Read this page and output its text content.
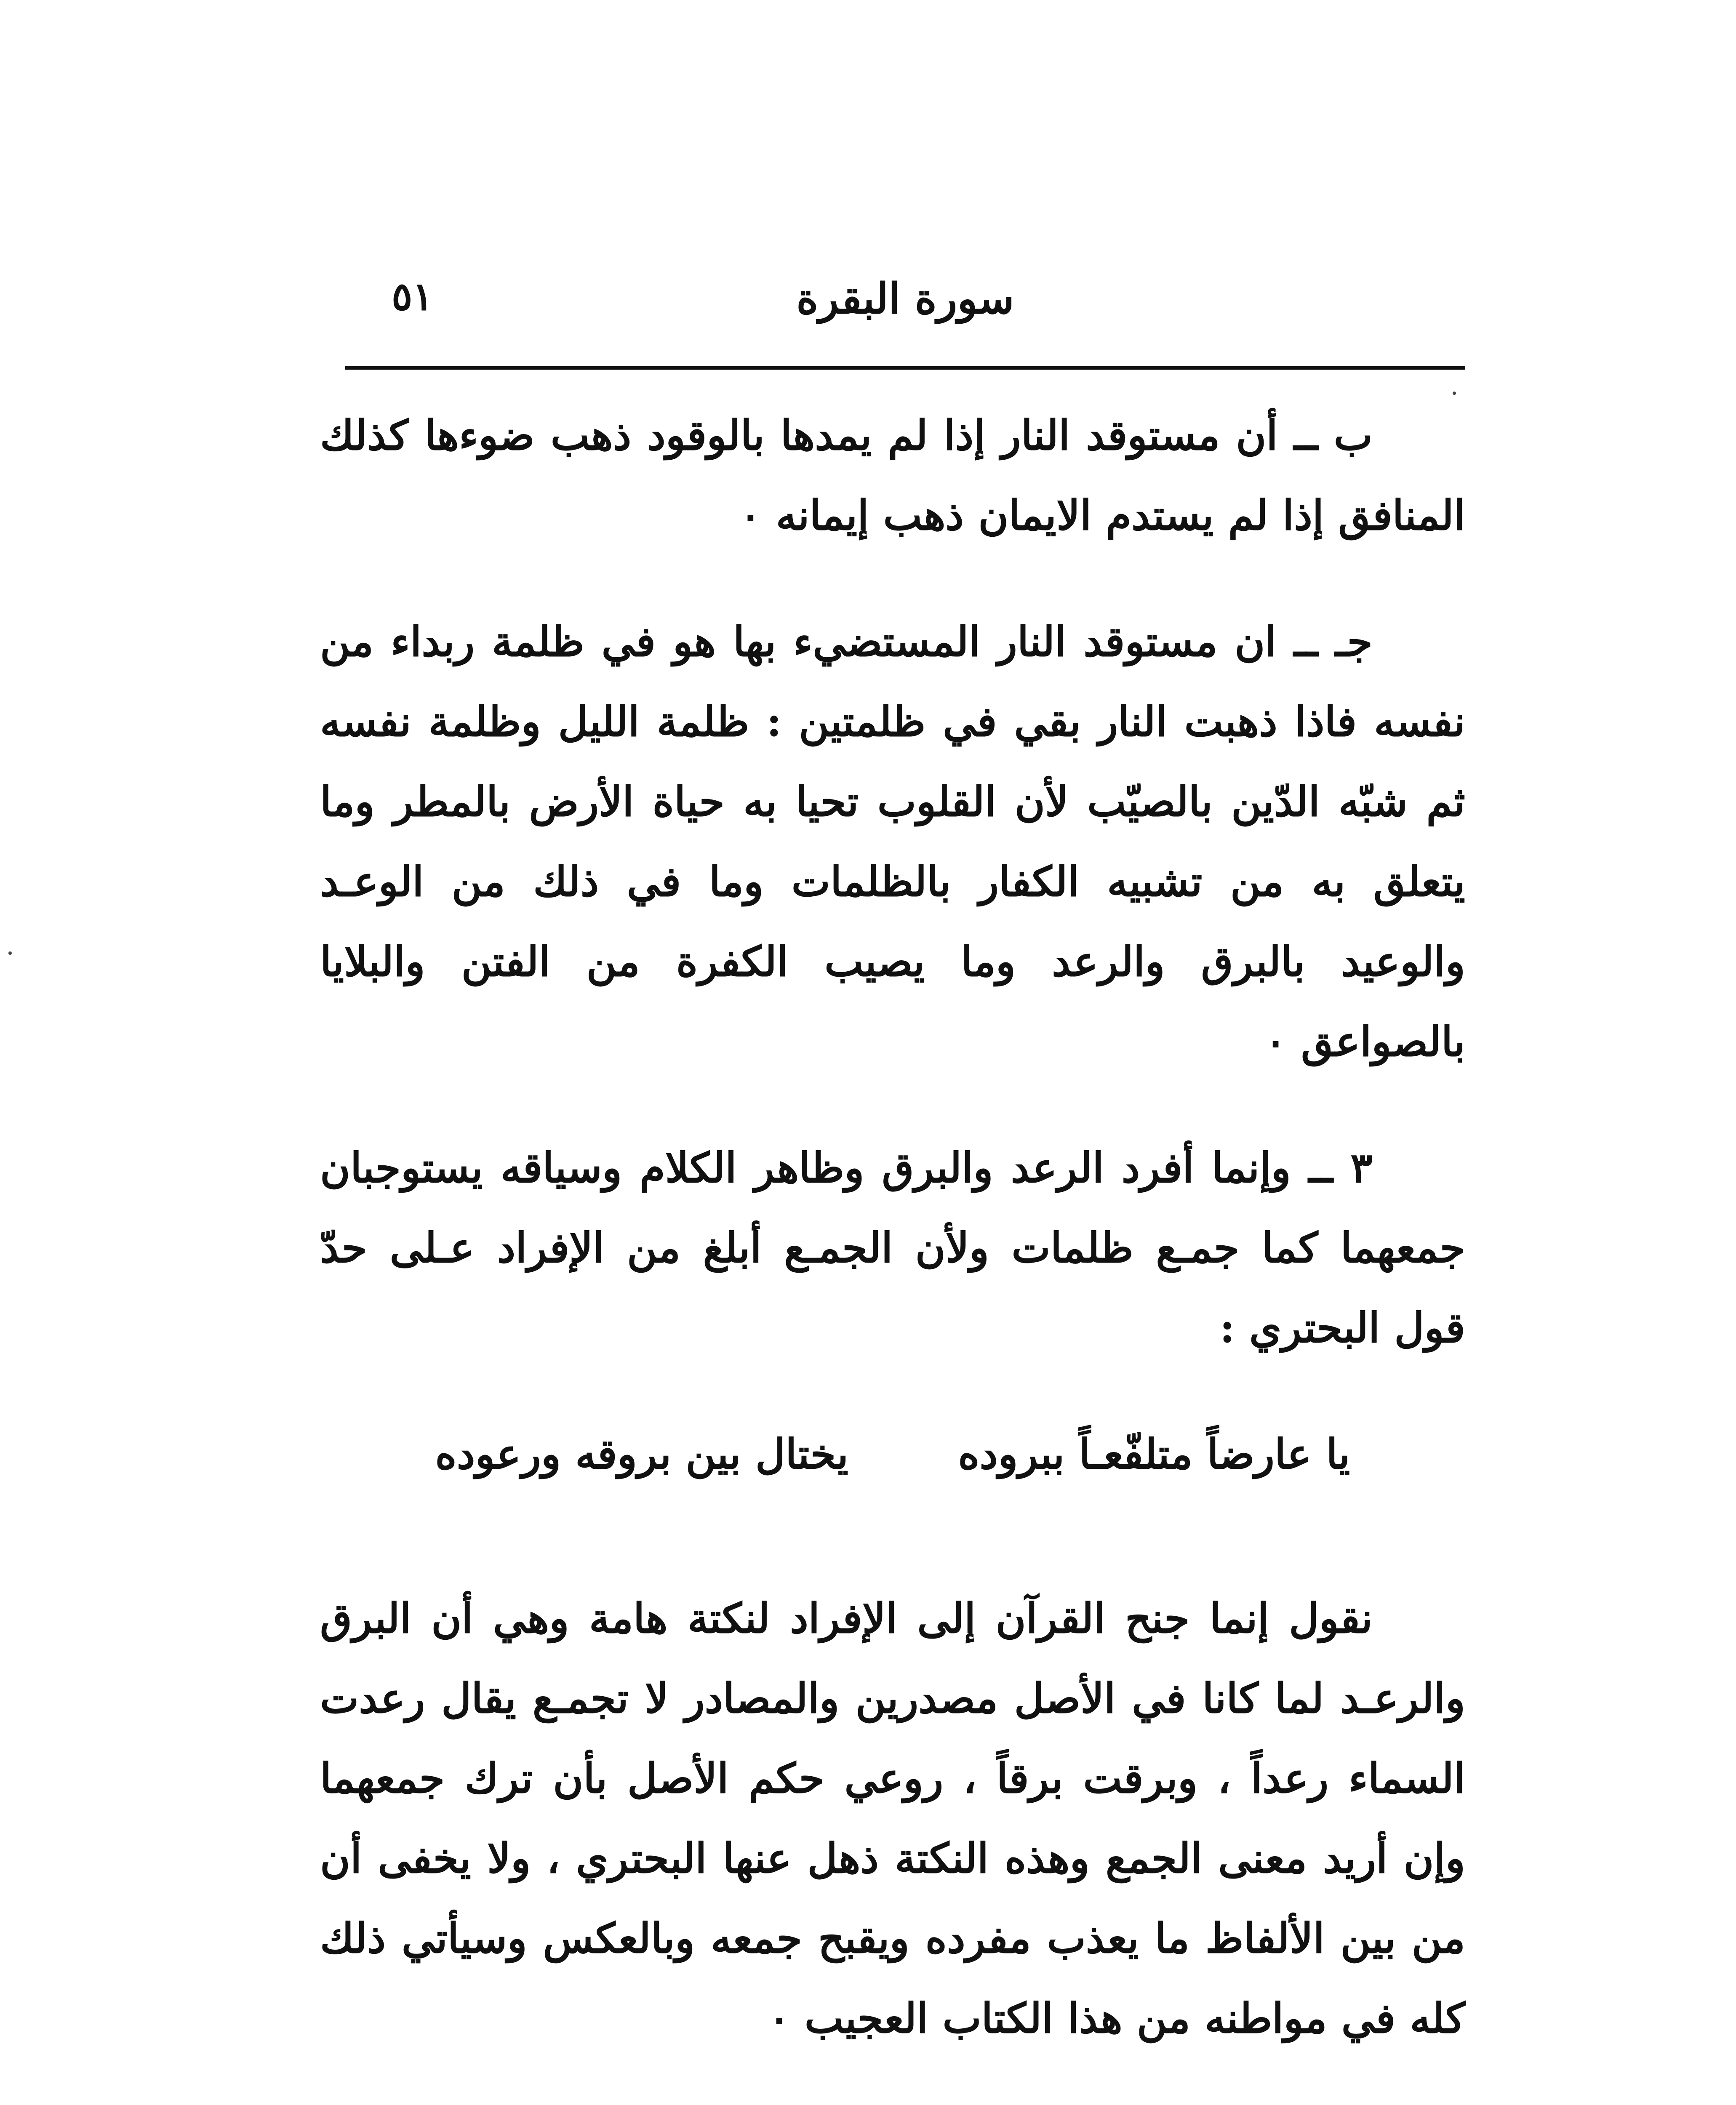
٥١	سورة البقرة

ب ــ أن مستوقد النار إذا لم يمدها بالوقود ذهب ضوءها كذلك المنافق إذا لم يستدم الايمان ذهب إيمانه ٠

جـ ــ ان مستوقد النار المستضيء بها هو في ظلمة ربداء من نفسه فاذا ذهبت النار بقي في ظلمتين : ظلمة الليل وظلمة نفسه ثم شبّه الدّين بالصيّب لأن القلوب تحيا به حياة الأرض بالمطر وما يتعلق به من تشبيه الكفار بالظلمات وما في ذلك من الوعـد والوعيد بالبرق والرعد وما يصيب الكفرة من الفتن والبلايا بالصواعق ٠

٣ ــ وإنما أفرد الرعد والبرق وظاهر الكلام وسياقه يستوجبان جمعهما كما جمـع ظلمات ولأن الجمـع أبلغ من الإفراد عـلى حدّ قول البحتري :

يا عارضاً متلفّعـاً ببروده
يختال بين بروقه ورعوده

نقول إنما جنح القرآن إلى الإفراد لنكتة هامة وهي أن البرق والرعـد لما كانا في الأصل مصدرين والمصادر لا تجمـع يقال رعدت السماء رعداً ، وبرقت برقاً ، روعي حكم الأصل بأن ترك جمعهما وإن أريد معنى الجمع وهذه النكتة ذهل عنها البحتري ، ولا يخفى أن من بين الألفاظ ما يعذب مفرده ويقبح جمعه وبالعكس وسيأتي ذلك كله في مواطنه من هذا الكتاب العجيب ٠
